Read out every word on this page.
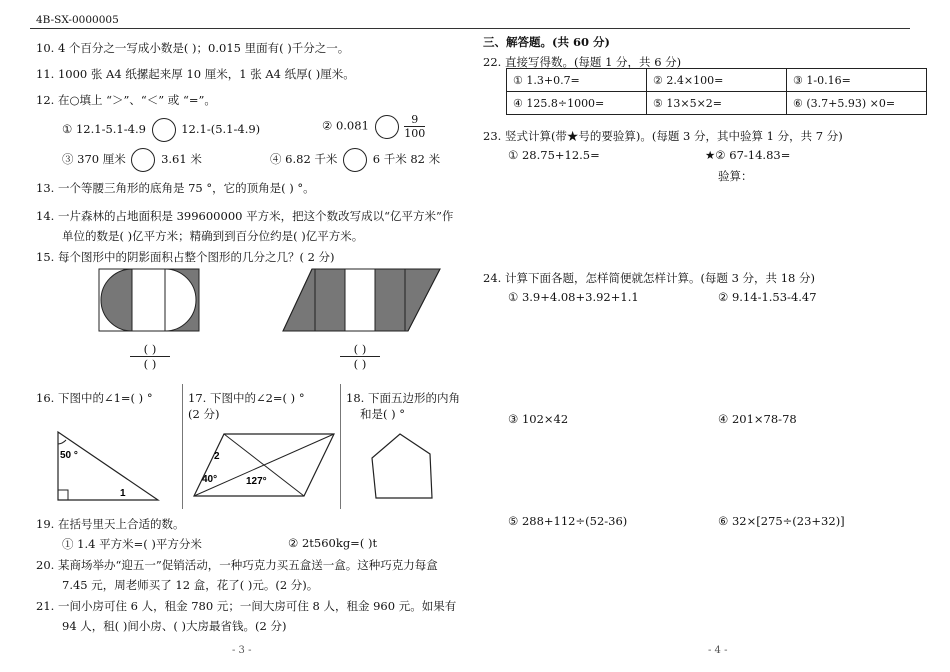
4B-SX-0000005
10. 4 个百分之一写成小数是( )；0.015 里面有( )千分之一。
11. 1000 张 A4 纸摞起来厚 10 厘米，1 张 A4 纸厚( )厘米。
12. 在○填上 “＞”、“＜” 或 “=”。
① 12.1-5.1-4.9	12.1-(5.1-4.9)	② 0.081	$\frac{9}{100}$
③ 370 厘米	3.61 米	④ 6.82 千米	6 千米 82 米
13. 一个等腰三角形的底角是 75 °，它的顶角是( ) °。
14. 一片森林的占地面积是 399600000 平方米，把这个数改写成以“亿平方米”作
单位的数是( )亿平方米；精确到到百分位约是( )亿平方米。
15. 每个图形中的阴影面积占整个图形的几分之几？( 2 分)
( )
( )
( )
( )
16. 下图中的∠1=( ) °	17. 下图中的∠2=( ) °
(2 分)
18. 下面五边形的内角
和是( ) °
50 °
1
2
40°	127°
19. 在括号里天上合适的数。
① 1.4 平方米=( )平方分米	② 2t560kg=( )t
20. 某商场举办“迎五一”促销活动，一种巧克力买五盒送一盒。这种巧克力每盒
7.45 元，周老师买了 12 盒，花了( )元。(2 分)。
21. 一间小房可住 6 人，租金 780 元；一间大房可住 8 人，租金 960 元。如果有
94 人，租( )间小房、( )大房最省钱。(2 分)
- 3 -
三、解答题。(共 60 分)
22. 直接写得数。(每题 1 分，共 6 分)
① 1.3+0.7=	② 2.4×100=	③ 1-0.16=
④ 125.8÷1000=	⑤ 13×5×2=	⑥ (3.7+5.93) ×0=
23. 竖式计算(带★号的要验算)。(每题 3 分，其中验算 1 分，共 7 分)
① 28.75+12.5=	★② 67-14.83=
验算：
24. 计算下面各题，怎样简便就怎样计算。(每题 3 分，共 18 分)
① 3.9+4.08+3.92+1.1	② 9.14-1.53-4.47
③ 102×42	④ 201×78-78
⑤ 288+112÷(52-36)	⑥ 32×[275÷(23+32)]
- 4 -
